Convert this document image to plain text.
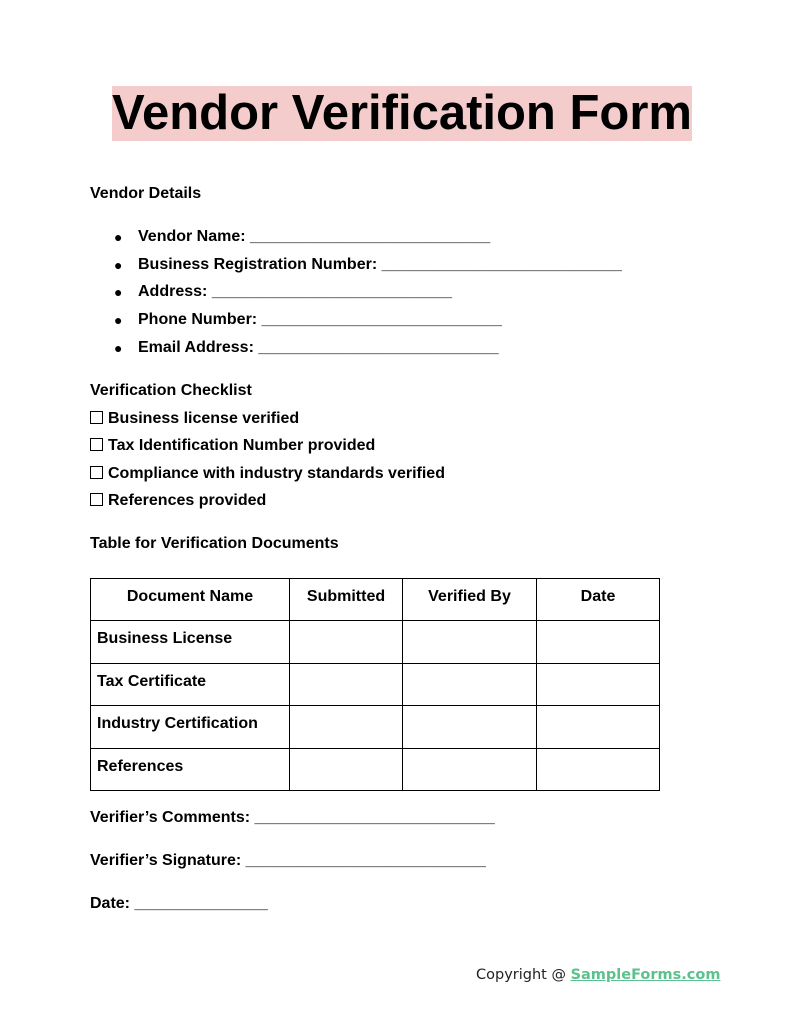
Vendor Verification Form
Vendor Details
● Vendor Name: ___________________________
● Business Registration Number: ___________________________
● Address: ___________________________
● Phone Number: ___________________________
● Email Address: ___________________________
Verification Checklist
Business license verified
Tax Identification Number provided
Compliance with industry standards verified
References provided
Table for Verification Documents
Document Name	Submitted	Verified By	Date
Business License			
Tax Certificate			
Industry Certification			
References			
Verifier’s Comments: ___________________________
Verifier’s Signature: ___________________________
Date: _______________
Copyright @ SampleForms.com
